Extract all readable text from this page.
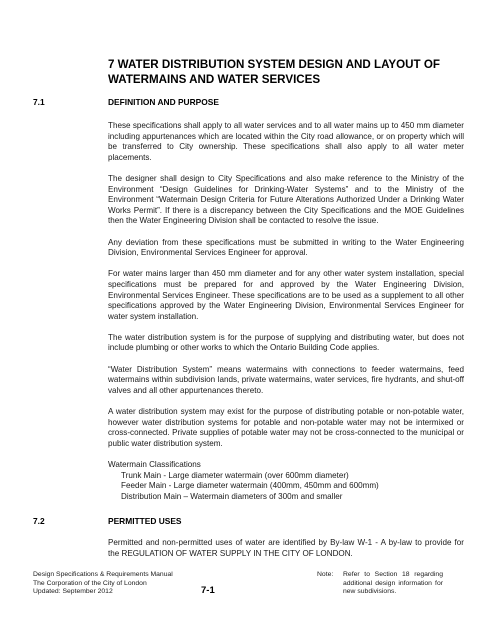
7 WATER DISTRIBUTION SYSTEM DESIGN AND LAYOUT OF WATERMAINS AND WATER SERVICES
7.1	DEFINITION AND PURPOSE

These specifications shall apply to all water services and to all water mains up to 450 mm diameter including appurtenances which are located within the City road allowance, or on property which will be transferred to City ownership. These specifications shall also apply to all water meter placements.

The designer shall design to City Specifications and also make reference to the Ministry of the Environment “Design Guidelines for Drinking-Water Systems” and to the Ministry of the Environment “Watermain Design Criteria for Future Alterations Authorized Under a Drinking Water Works Permit”. If there is a discrepancy between the City Specifications and the MOE Guidelines then the Water Engineering Division shall be contacted to resolve the issue.

Any deviation from these specifications must be submitted in writing to the Water Engineering Division, Environmental Services Engineer for approval.

For water mains larger than 450 mm diameter and for any other water system installation, special specifications must be prepared for and approved by the Water Engineering Division, Environmental Services Engineer. These specifications are to be used as a supplement to all other specifications approved by the Water Engineering Division, Environmental Services Engineer for water system installation.

The water distribution system is for the purpose of supplying and distributing water, but does not include plumbing or other works to which the Ontario Building Code applies.

“Water Distribution System” means watermains with connections to feeder watermains, feed watermains within subdivision lands, private watermains, water services, fire hydrants, and shut-off valves and all other appurtenances thereto.

A water distribution system may exist for the purpose of distributing potable or non-potable water, however water distribution systems for potable and non-potable water may not be intermixed or cross-connected. Private supplies of potable water may not be cross-connected to the municipal or public water distribution system.

Watermain Classifications
Trunk Main - Large diameter watermain (over 600mm diameter)
Feeder Main - Large diameter watermain (400mm, 450mm and 600mm)
Distribution Main – Watermain diameters of 300m and smaller
7.2	PERMITTED USES

Permitted and non-permitted uses of water are identified by By-law W-1 - A by-law to provide for the REGULATION OF WATER SUPPLY IN THE CITY OF LONDON.

Design Specifications & Requirements Manual
The Corporation of the City of London
Updated: September 2012	7-1
Note: Refer to Section 18 regarding additional design information for new subdivisions.
